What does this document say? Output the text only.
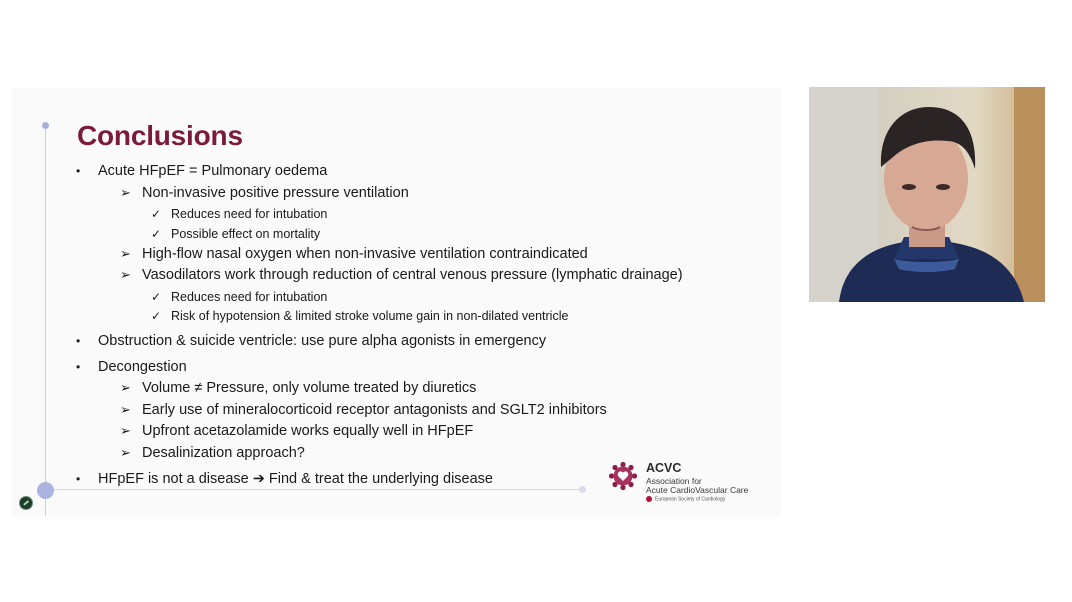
Conclusions
• Acute HFpEF = Pulmonary oedema
➢ Non-invasive positive pressure ventilation
✓ Reduces need for intubation
✓ Possible effect on mortality
➢ High-flow nasal oxygen when non-invasive ventilation contraindicated
➢ Vasodilators work through reduction of central venous pressure (lymphatic drainage)
✓ Reduces need for intubation
✓ Risk of hypotension & limited stroke volume gain in non-dilated ventricle
• Obstruction & suicide ventricle: use pure alpha agonists in emergency
• Decongestion
➢ Volume ≠ Pressure, only volume treated by diuretics
➢ Early use of mineralocorticoid receptor antagonists and SGLT2 inhibitors
➢ Upfront acetazolamide works equally well in HFpEF
➢ Desalinization approach?
• HFpEF is not a disease ➔ Find & treat the underlying disease
ACVC
Association for
Acute CardioVascular Care
European Society of Cardiology
